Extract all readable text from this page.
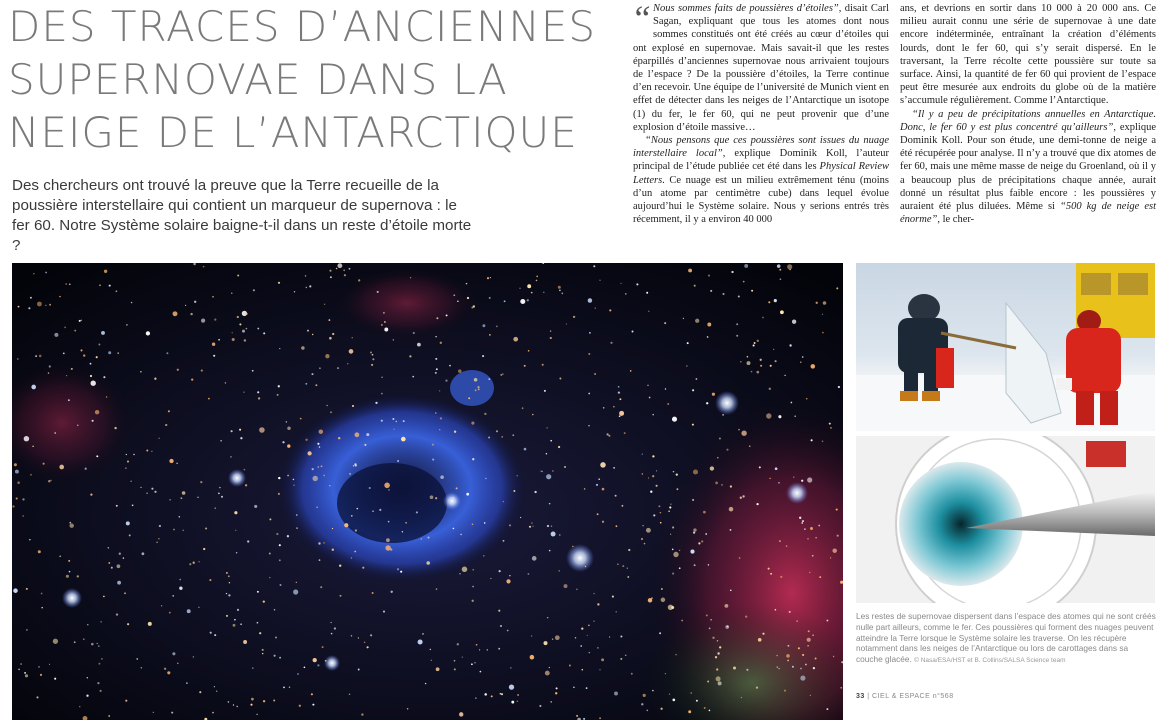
DES TRACES D’ANCIENNES
SUPERNOVAE DANS LA
NEIGE DE L’ANTARCTIQUE

Des chercheurs ont trouvé la preuve que la Terre recueille de la poussière interstellaire qui contient un marqueur de supernova : le fer 60. Notre Système solaire baigne-t-il dans un reste d’étoile morte ?

“ Nous sommes faits de poussières d’étoiles”, disait Carl Sagan, expliquant que tous les atomes dont nous sommes constitués ont été créés au cœur d’étoiles qui ont explosé en supernovae. Mais savait-il que les restes éparpillés d’anciennes supernovae nous arrivaient toujours de l’espace ? De la poussière d’étoiles, la Terre continue d’en recevoir. Une équipe de l’université de Munich vient en effet de détecter dans les neiges de l’Antarctique un isotope (1) du fer, le fer 60, qui ne peut provenir que d’une explosion d’étoile massive…

“Nous pensons que ces poussières sont issues du nuage interstellaire local”, explique Dominik Koll, l’auteur principal de l’étude publiée cet été dans les Physical Review Letters. Ce nuage est un milieu extrêmement ténu (moins d’un atome par centimètre cube) dans lequel évolue aujourd’hui le Système solaire. Nous y serions entrés très récemment, il y a environ 40 000

ans, et devrions en sortir dans 10 000 à 20 000 ans. Ce milieu aurait connu une série de supernovae à une date encore indéterminée, entraînant la création d’éléments lourds, dont le fer 60, qui s’y serait dispersé. En le traversant, la Terre récolte cette poussière sur toute sa surface. Ainsi, la quantité de fer 60 qui provient de l’espace peut être mesurée aux endroits du globe où de la matière s’accumule régulièrement. Comme l’Antarctique.

“Il y a peu de précipitations annuelles en Antarctique. Donc, le fer 60 y est plus concentré qu’ailleurs”, explique Dominik Koll. Pour son étude, une demi-tonne de neige a été récupérée pour analyse. Il n’y a trouvé que dix atomes de fer 60, mais une même masse de neige du Groenland, où il y a beaucoup plus de précipitations chaque année, aurait donné un résultat plus faible encore : les poussières y auraient été plus diluées. Même si “500 kg de neige est énorme”, le cher-

Les restes de supernovae dispersent dans l’espace des atomes qui ne sont créés nulle part ailleurs, comme le fer. Ces poussières qui forment des nuages peuvent atteindre la Terre lorsque le Système solaire les traverse. On les récupère notamment dans les neiges de l’Antarctique ou lors de carottages dans sa couche glacée. © Nasa/ESA/HST et B. Collins/SALSA Science team

33 | CIEL & ESPACE n°568
